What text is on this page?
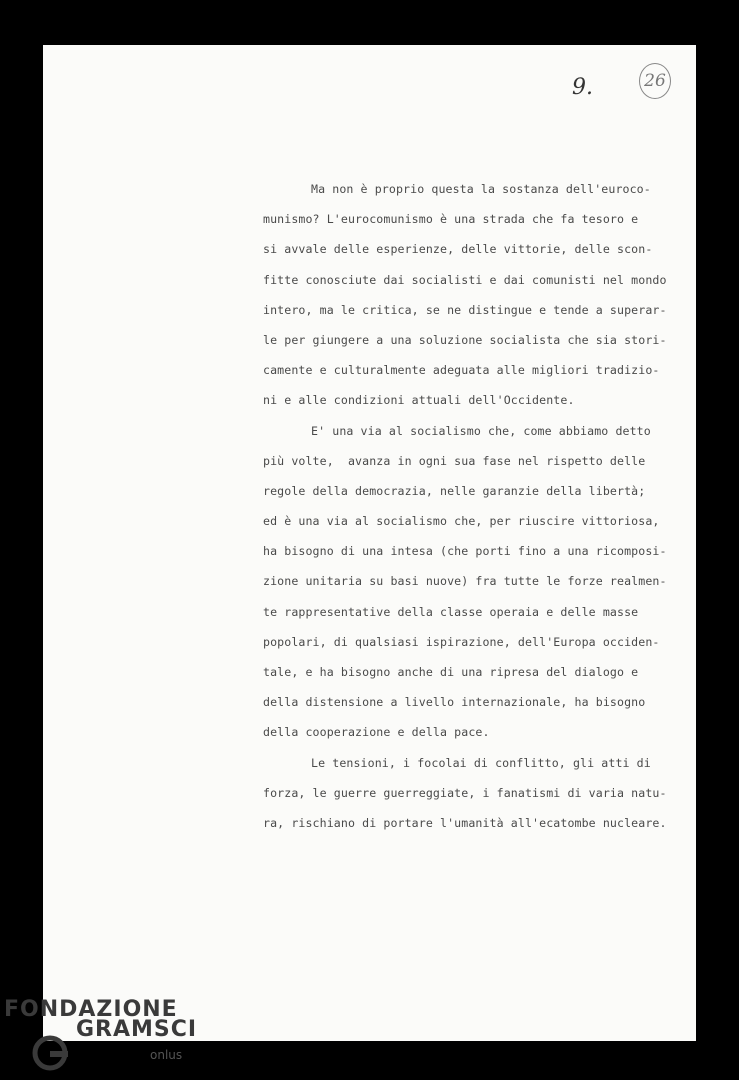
9.	26
Ma non è proprio questa la sostanza dell'euroco-
munismo? L'eurocomunismo è una strada che fa tesoro e
si avvale delle esperienze, delle vittorie, delle scon-
fitte conosciute dai socialisti e dai comunisti nel mondo
intero, ma le critica, se ne distingue e tende a superar-
le per giungere a una soluzione socialista che sia stori-
camente e culturalmente adeguata alle migliori tradizio-
ni e alle condizioni attuali dell'Occidente.
E' una via al socialismo che, come abbiamo detto
più volte,  avanza in ogni sua fase nel rispetto delle
regole della democrazia, nelle garanzie della libertà;
ed è una via al socialismo che, per riuscire vittoriosa,
ha bisogno di una intesa (che porti fino a una ricomposi-
zione unitaria su basi nuove) fra tutte le forze realmen-
te rappresentative della classe operaia e delle masse
popolari, di qualsiasi ispirazione, dell'Europa occiden-
tale, e ha bisogno anche di una ripresa del dialogo e
della distensione a livello internazionale, ha bisogno
della cooperazione e della pace.
Le tensioni, i focolai di conflitto, gli atti di
forza, le guerre guerreggiate, i fanatismi di varia natu-
ra, rischiano di portare l'umanità all'ecatombe nucleare.
FONDAZIONE
GRAMSCI
onlus
